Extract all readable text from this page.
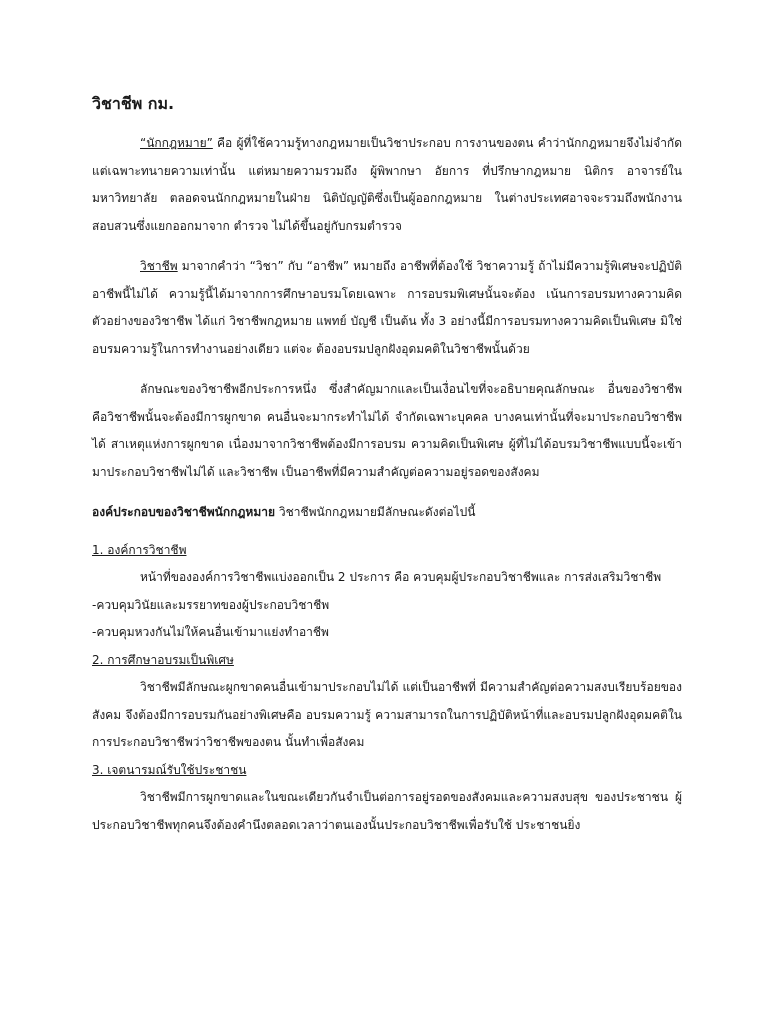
วิชาชีพ กม.

“นักกฎหมาย” คือ ผู้ที่ใช้ความรู้ทางกฎหมายเป็นวิชาประกอบ การงานของตน คำว่านักกฎหมายจึงไม่จำกัดแต่เฉพาะทนายความเท่านั้น แต่หมายความรวมถึง ผู้พิพากษา อัยการ ที่ปรึกษากฎหมาย นิติกร อาจารย์ในมหาวิทยาลัย ตลอดจนนักกฎหมายในฝ่าย นิติบัญญัติซึ่งเป็นผู้ออกกฎหมาย ในต่างประเทศอาจจะรวมถึงพนักงานสอบสวนซึ่งแยกออกมาจาก ตำรวจ ไม่ได้ขึ้นอยู่กับกรมตำรวจ

วิชาชีพ มาจากคำว่า “วิชา” กับ “อาชีพ” หมายถึง อาชีพที่ต้องใช้ วิชาความรู้ ถ้าไม่มีความรู้พิเศษจะปฏิบัติอาชีพนี้ไม่ได้ ความรู้นี้ได้มาจากการศึกษาอบรมโดยเฉพาะ การอบรมพิเศษนั้นจะต้อง เน้นการอบรมทางความคิด ตัวอย่างของวิชาชีพ ได้แก่ วิชาชีพกฎหมาย แพทย์ บัญชี เป็นต้น ทั้ง 3 อย่างนี้มีการอบรมทางความคิดเป็นพิเศษ มิใช่อบรมความรู้ในการทำงานอย่างเดียว แต่จะ ต้องอบรมปลูกฝังอุดมคติในวิชาชีพนั้นด้วย

ลักษณะของวิชาชีพอีกประการหนึ่ง ซึ่งสำคัญมากและเป็นเงื่อนไขที่จะอธิบายคุณลักษณะ อื่นของวิชาชีพ คือวิชาชีพนั้นจะต้องมีการผูกขาด คนอื่นจะมากระทำไม่ได้ จำกัดเฉพาะบุคคล บางคนเท่านั้นที่จะมาประกอบวิชาชีพได้ สาเหตุแห่งการผูกขาด เนื่องมาจากวิชาชีพต้องมีการอบรม ความคิดเป็นพิเศษ ผู้ที่ไม่ได้อบรมวิชาชีพแบบนี้จะเข้ามาประกอบวิชาชีพไม่ได้ และวิชาชีพ เป็นอาชีพที่มีความสำคัญต่อความอยู่รอดของสังคม

องค์ประกอบของวิชาชีพนักกฎหมาย วิชาชีพนักกฎหมายมีลักษณะดังต่อไปนี้

1. องค์การวิชาชีพ

หน้าที่ขององค์การวิชาชีพแบ่งออกเป็น 2 ประการ คือ ควบคุมผู้ประกอบวิชาชีพและ การส่งเสริมวิชาชีพ

-ควบคุมวินัยและมรรยาทของผู้ประกอบวิชาชีพ

-ควบคุมหวงกันไม่ให้คนอื่นเข้ามาแย่งทำอาชีพ

2. การศึกษาอบรมเป็นพิเศษ

วิชาชีพมีลักษณะผูกขาดคนอื่นเข้ามาประกอบไม่ได้ แต่เป็นอาชีพที่ มีความสำคัญต่อความสงบเรียบร้อยของสังคม จึงต้องมีการอบรมกันอย่างพิเศษคือ อบรมความรู้ ความสามารถในการปฏิบัติหน้าที่และอบรมปลูกฝังอุดมคติในการประกอบวิชาชีพว่าวิชาชีพของตน นั้นทำเพื่อสังคม

3. เจตนารมณ์รับใช้ประชาชน

วิชาชีพมีการผูกขาดและในขณะเดียวกันจำเป็นต่อการอยู่รอดของสังคมและความสงบสุข ของประชาชน ผู้ประกอบวิชาชีพทุกคนจึงต้องคำนึงตลอดเวลาว่าตนเองนั้นประกอบวิชาชีพเพื่อรับใช้ ประชาชนยิ่ง
